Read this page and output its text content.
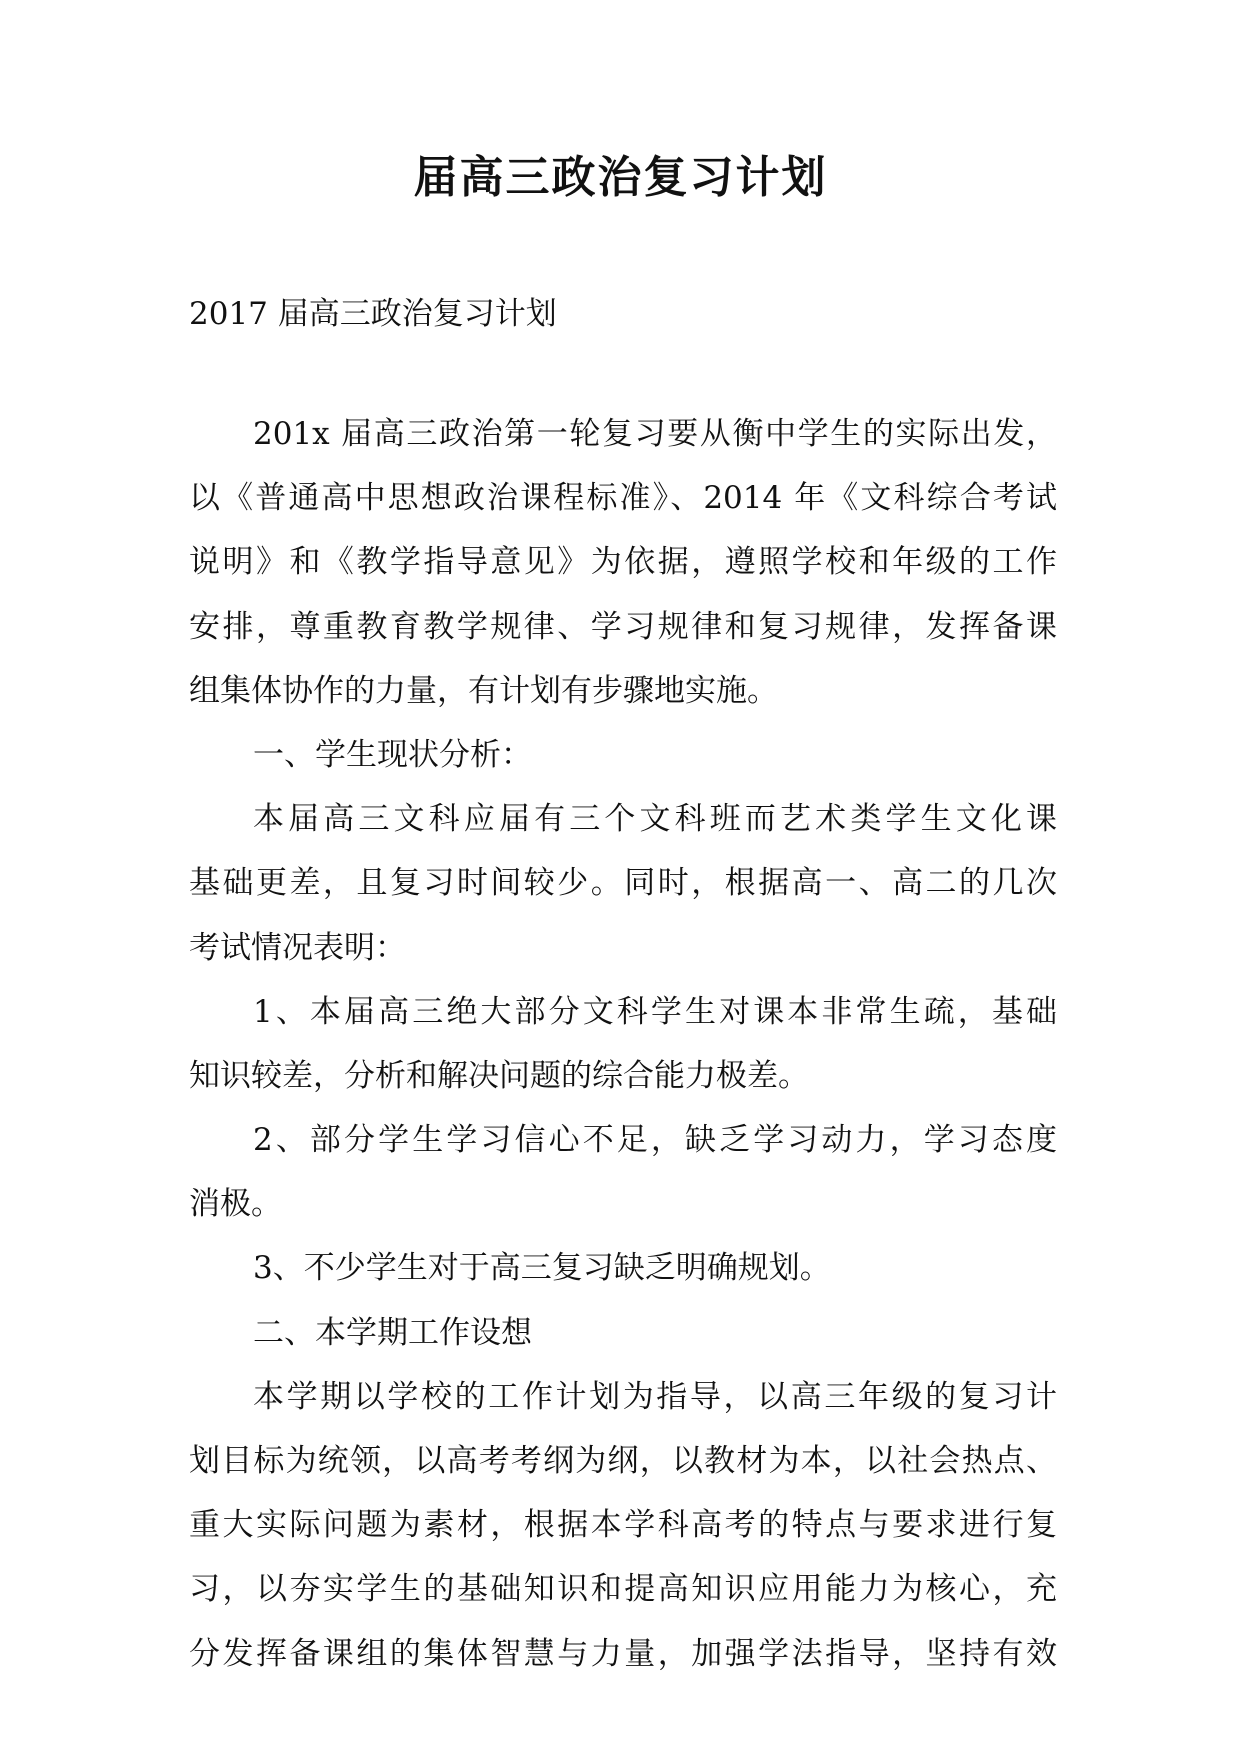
届高三政治复习计划

2017 届高三政治复习计划

201x 届高三政治第一轮复习要从衡中学生的实际出发，
以《普通高中思想政治课程标准》、2014 年《文科综合考试
说明》和《教学指导意见》为依据，遵照学校和年级的工作
安排，尊重教育教学规律、学习规律和复习规律，发挥备课
组集体协作的力量，有计划有步骤地实施。
一、学生现状分析：
本届高三文科应届有三个文科班而艺术类学生文化课
基础更差，且复习时间较少。同时，根据高一、高二的几次
考试情况表明：
1、本届高三绝大部分文科学生对课本非常生疏，基础
知识较差，分析和解决问题的综合能力极差。
2、部分学生学习信心不足，缺乏学习动力，学习态度
消极。
3、不少学生对于高三复习缺乏明确规划。
二、本学期工作设想
本学期以学校的工作计划为指导，以高三年级的复习计
划目标为统领，以高考考纲为纲，以教材为本，以社会热点、
重大实际问题为素材，根据本学科高考的特点与要求进行复
习，以夯实学生的基础知识和提高知识应用能力为核心，充
分发挥备课组的集体智慧与力量，加强学法指导，坚持有效
